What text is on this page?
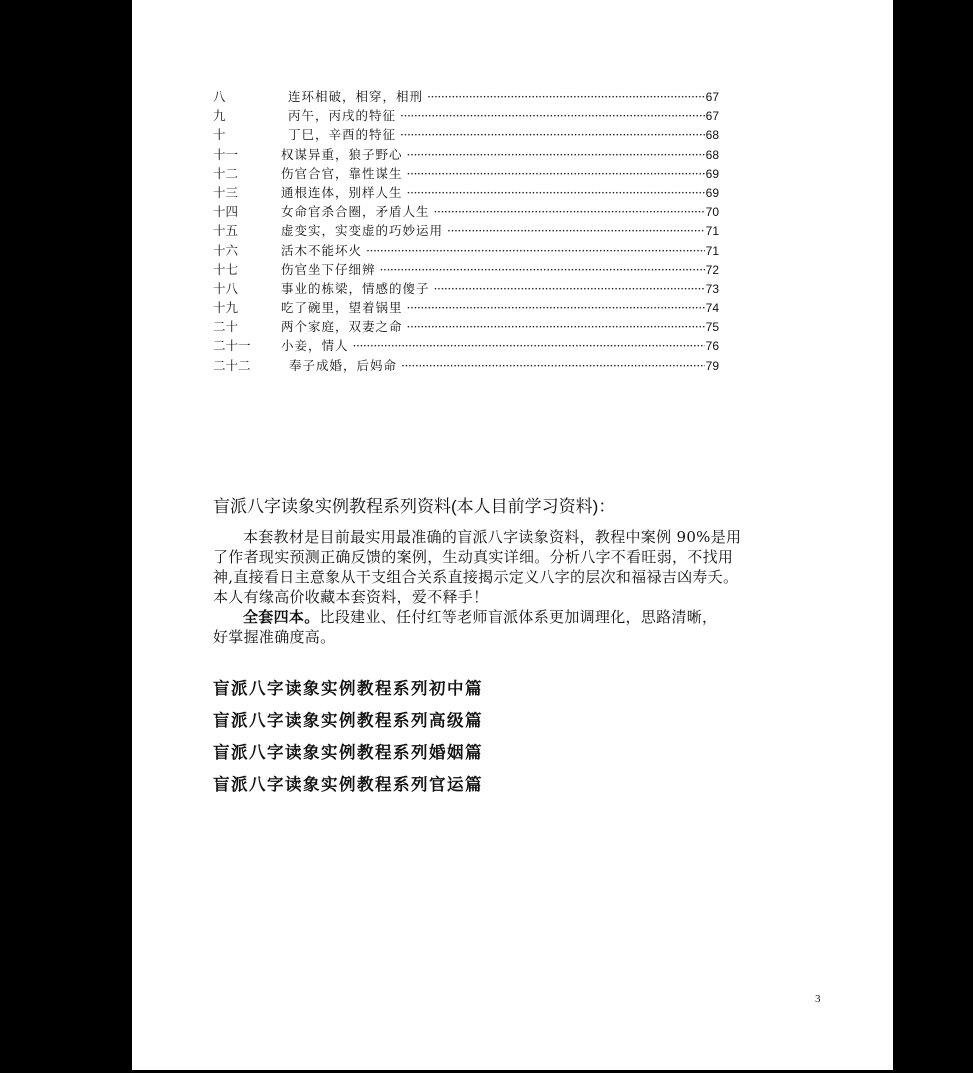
八	连环相破，相穿，相刑 ·····	67
九	丙午，丙戌的特征 ·····	67
十	丁巳，辛酉的特征 ·····	68
十一	权谋异重，狼子野心 ·····	68
十二	伤官合官，靠性谋生 ·····	69
十三	通根连体，别样人生 ·····	69
十四	女命官杀合圈，矛盾人生 ·····	70
十五	虚变实，实变虚的巧妙运用 ·····	71
十六	活木不能坏火 ·····	71
十七	伤官坐下仔细辨 ·····	72
十八	事业的栋梁，情感的傻子 ·····	73
十九	吃了碗里，望着锅里 ·····	74
二十	两个家庭，双妻之命 ·····	75
二十一	小妾，情人 ·····	76
二十二	奉子成婚，后妈命 ·····	79
盲派八字读象实例教程系列资料(本人目前学习资料)：

本套教材是目前最实用最准确的盲派八字读象资料，教程中案例 90%是用

了作者现实预测正确反馈的案例，生动真实详细。分析八字不看旺弱，不找用

神,直接看日主意象从干支组合关系直接揭示定义八字的层次和福禄吉凶寿夭。

本人有缘高价收藏本套资料，爱不释手！

全套四本。比段建业、任付红等老师盲派体系更加调理化，思路清晰，

好掌握准确度高。

盲派八字读象实例教程系列初中篇
盲派八字读象实例教程系列高级篇
盲派八字读象实例教程系列婚姻篇
盲派八字读象实例教程系列官运篇
3
